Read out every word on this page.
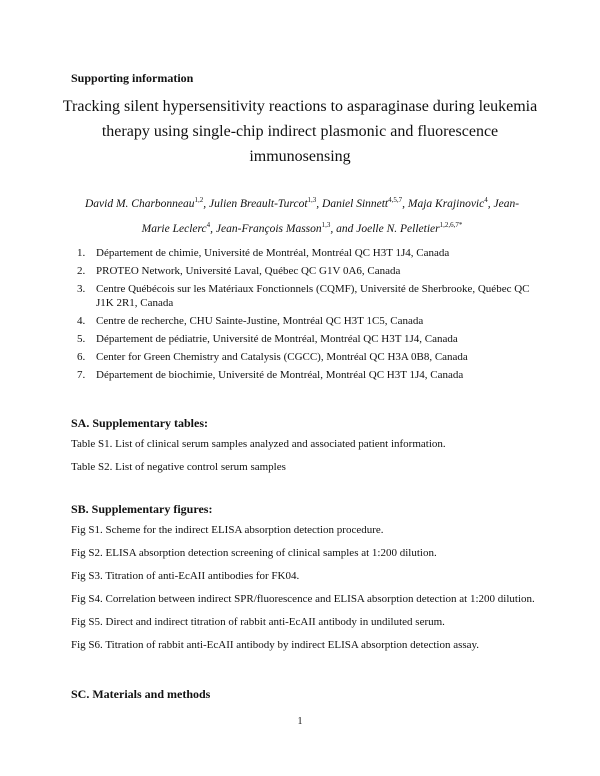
Supporting information

Tracking silent hypersensitivity reactions to asparaginase during leukemia therapy using single-chip indirect plasmonic and fluorescence immunosensing

David M. Charbonneau$^{1,2}$, Julien Breault-Turcot$^{1,3}$, Daniel Sinnett$^{4,5,7}$, Maja Krajinovic$^4$, Jean-Marie Leclerc$^4$, Jean-François Masson$^{1,3}$, and Joelle N. Pelletier$^{1,2,6,7*}$

1. Département de chimie, Université de Montréal, Montréal QC H3T 1J4, Canada
2. PROTEO Network, Université Laval, Québec QC G1V 0A6, Canada
3. Centre Québécois sur les Matériaux Fonctionnels (CQMF), Université de Sherbrooke, Québec QC J1K 2R1, Canada
4. Centre de recherche, CHU Sainte-Justine, Montréal QC H3T 1C5, Canada
5. Département de pédiatrie, Université de Montréal, Montréal QC H3T 1J4, Canada
6. Center for Green Chemistry and Catalysis (CGCC), Montréal QC H3A 0B8, Canada
7. Département de biochimie, Université de Montréal, Montréal QC H3T 1J4, Canada

SA. Supplementary tables:

Table S1. List of clinical serum samples analyzed and associated patient information.

Table S2. List of negative control serum samples

SB. Supplementary figures:

Fig S1. Scheme for the indirect ELISA absorption detection procedure.

Fig S2. ELISA absorption detection screening of clinical samples at 1:200 dilution.

Fig S3. Titration of anti-EcAII antibodies for FK04.

Fig S4. Correlation between indirect SPR/fluorescence and ELISA absorption detection at 1:200 dilution.

Fig S5. Direct and indirect titration of rabbit anti-EcAII antibody in undiluted serum.

Fig S6. Titration of rabbit anti-EcAII antibody by indirect ELISA absorption detection assay.

SC. Materials and methods

1
